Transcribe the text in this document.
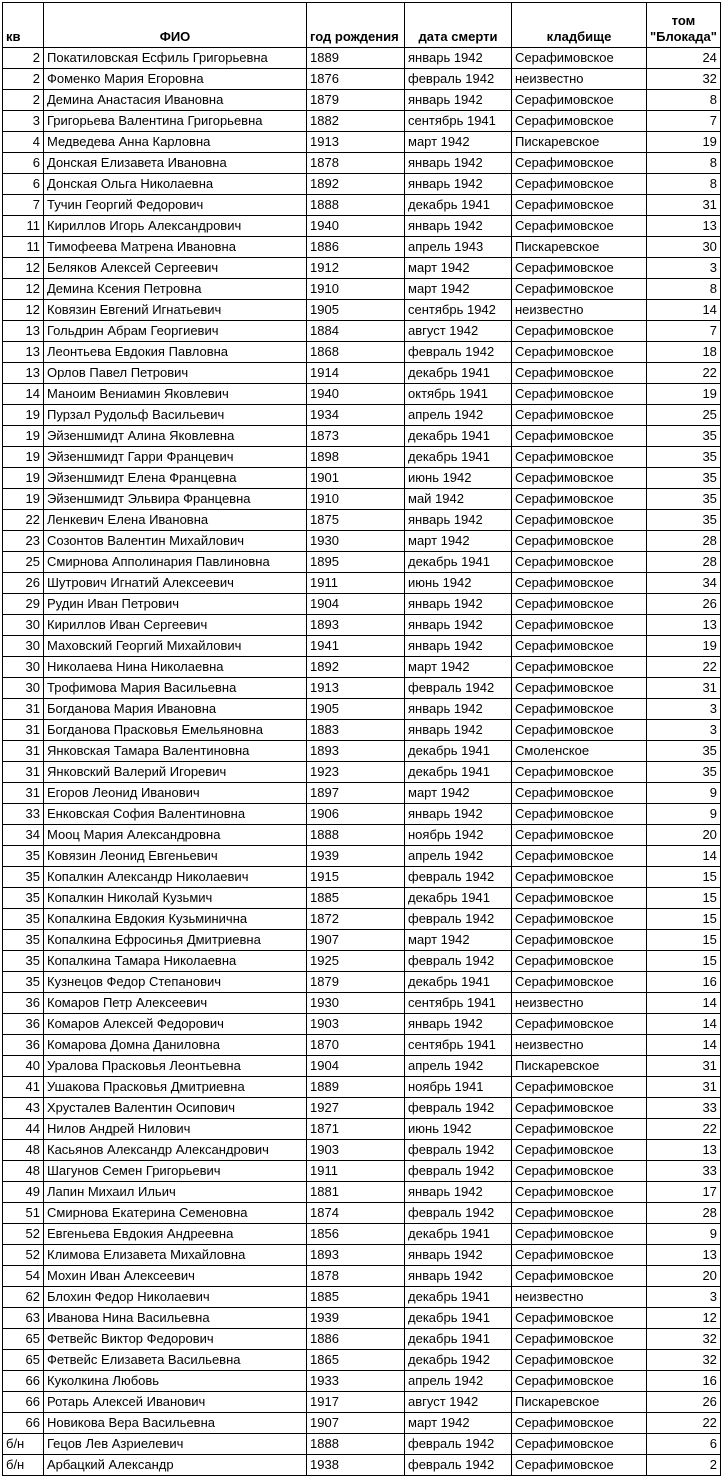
кв	ФИО	год рождения	дата смерти	кладбище	том
"Блокада"
2	Покатиловская Есфиль Григорьевна	1889	январь 1942	Серафимовское	24
2	Фоменко Мария Егоровна	1876	февраль 1942	неизвестно	32
2	Демина Анастасия Ивановна	1879	январь 1942	Серафимовское	8
3	Григорьева Валентина Григорьевна	1882	сентябрь 1941	Серафимовское	7
4	Медведева Анна Карловна	1913	март 1942	Пискаревское	19
6	Донская Елизавета Ивановна	1878	январь 1942	Серафимовское	8
6	Донская Ольга Николаевна	1892	январь 1942	Серафимовское	8
7	Тучин Георгий Федорович	1888	декабрь 1941	Серафимовское	31
11	Кириллов Игорь Александрович	1940	январь 1942	Серафимовское	13
11	Тимофеева Матрена Ивановна	1886	апрель 1943	Пискаревское	30
12	Беляков Алексей Сергеевич	1912	март 1942	Серафимовское	3
12	Демина Ксения Петровна	1910	март 1942	Серафимовское	8
12	Ковязин Евгений Игнатьевич	1905	сентябрь 1942	неизвестно	14
13	Гольдрин Абрам Георгиевич	1884	август 1942	Серафимовское	7
13	Леонтьева Евдокия Павловна	1868	февраль 1942	Серафимовское	18
13	Орлов Павел Петрович	1914	декабрь 1941	Серафимовское	22
14	Маноим Вениамин Яковлевич	1940	октябрь 1941	Серафимовское	19
19	Пурзал Рудольф Васильевич	1934	апрель 1942	Серафимовское	25
19	Эйзеншмидт Алина Яковлевна	1873	декабрь 1941	Серафимовское	35
19	Эйзеншмидт Гарри Францевич	1898	декабрь 1941	Серафимовское	35
19	Эйзеншмидт Елена Францевна	1901	июнь 1942	Серафимовское	35
19	Эйзеншмидт Эльвира Францевна	1910	май 1942	Серафимовское	35
22	Ленкевич Елена Ивановна	1875	январь 1942	Серафимовское	35
23	Созонтов Валентин Михайлович	1930	март 1942	Серафимовское	28
25	Смирнова Апполинария Павлиновна	1895	декабрь 1941	Серафимовское	28
26	Шутрович Игнатий Алексеевич	1911	июнь 1942	Серафимовское	34
29	Рудин Иван Петрович	1904	январь 1942	Серафимовское	26
30	Кириллов Иван Сергеевич	1893	январь 1942	Серафимовское	13
30	Маховский Георгий Михайлович	1941	январь 1942	Серафимовское	19
30	Николаева Нина Николаевна	1892	март 1942	Серафимовское	22
30	Трофимова Мария Васильевна	1913	февраль 1942	Серафимовское	31
31	Богданова Мария Ивановна	1905	январь 1942	Серафимовское	3
31	Богданова Прасковья Емельяновна	1883	январь 1942	Серафимовское	3
31	Янковская Тамара Валентиновна	1893	декабрь 1941	Смоленское	35
31	Янковский Валерий Игоревич	1923	декабрь 1941	Серафимовское	35
31	Егоров Леонид Иванович	1897	март 1942	Серафимовское	9
33	Енковская София Валентиновна	1906	январь 1942	Серафимовское	9
34	Мооц Мария Александровна	1888	ноябрь 1942	Серафимовское	20
35	Ковязин Леонид Евгеньевич	1939	апрель 1942	Серафимовское	14
35	Копалкин Александр Николаевич	1915	февраль 1942	Серафимовское	15
35	Копалкин Николай Кузьмич	1885	декабрь 1941	Серафимовское	15
35	Копалкина Евдокия Кузьминична	1872	февраль 1942	Серафимовское	15
35	Копалкина Ефросинья Дмитриевна	1907	март 1942	Серафимовское	15
35	Копалкина Тамара Николаевна	1925	февраль 1942	Серафимовское	15
35	Кузнецов Федор Степанович	1879	декабрь 1941	Серафимовское	16
36	Комаров Петр Алексеевич	1930	сентябрь 1941	неизвестно	14
36	Комаров Алексей Федорович	1903	январь 1942	Серафимовское	14
36	Комарова Домна Даниловна	1870	сентябрь 1941	неизвестно	14
40	Уралова Прасковья Леонтьевна	1904	апрель 1942	Пискаревское	31
41	Ушакова Прасковья Дмитриевна	1889	ноябрь 1941	Серафимовское	31
43	Хрусталев Валентин Осипович	1927	февраль 1942	Серафимовское	33
44	Нилов Андрей Нилович	1871	июнь 1942	Серафимовское	22
48	Касьянов Александр Александрович	1903	февраль 1942	Серафимовское	13
48	Шагунов Семен Григорьевич	1911	февраль 1942	Серафимовское	33
49	Лапин Михаил Ильич	1881	январь 1942	Серафимовское	17
51	Смирнова Екатерина Семеновна	1874	февраль 1942	Серафимовское	28
52	Евгеньева Евдокия Андреевна	1856	декабрь 1941	Серафимовское	9
52	Климова Елизавета Михайловна	1893	январь 1942	Серафимовское	13
54	Мохин Иван Алексеевич	1878	январь 1942	Серафимовское	20
62	Блохин Федор Николаевич	1885	декабрь 1941	неизвестно	3
63	Иванова Нина Васильевна	1939	декабрь 1941	Серафимовское	12
65	Фетвейс Виктор Федорович	1886	декабрь 1941	Серафимовское	32
65	Фетвейс Елизавета Васильевна	1865	декабрь 1942	Серафимовское	32
66	Куколкина Любовь	1933	апрель 1942	Серафимовское	16
66	Ротарь Алексей Иванович	1917	август 1942	Пискаревское	26
66	Новикова Вера Васильевна	1907	март 1942	Серафимовское	22
б/н	Гецов Лев Азриелевич	1888	февраль 1942	Серафимовское	6
б/н	Арбацкий Александр	1938	февраль 1942	Серафимовское	2
